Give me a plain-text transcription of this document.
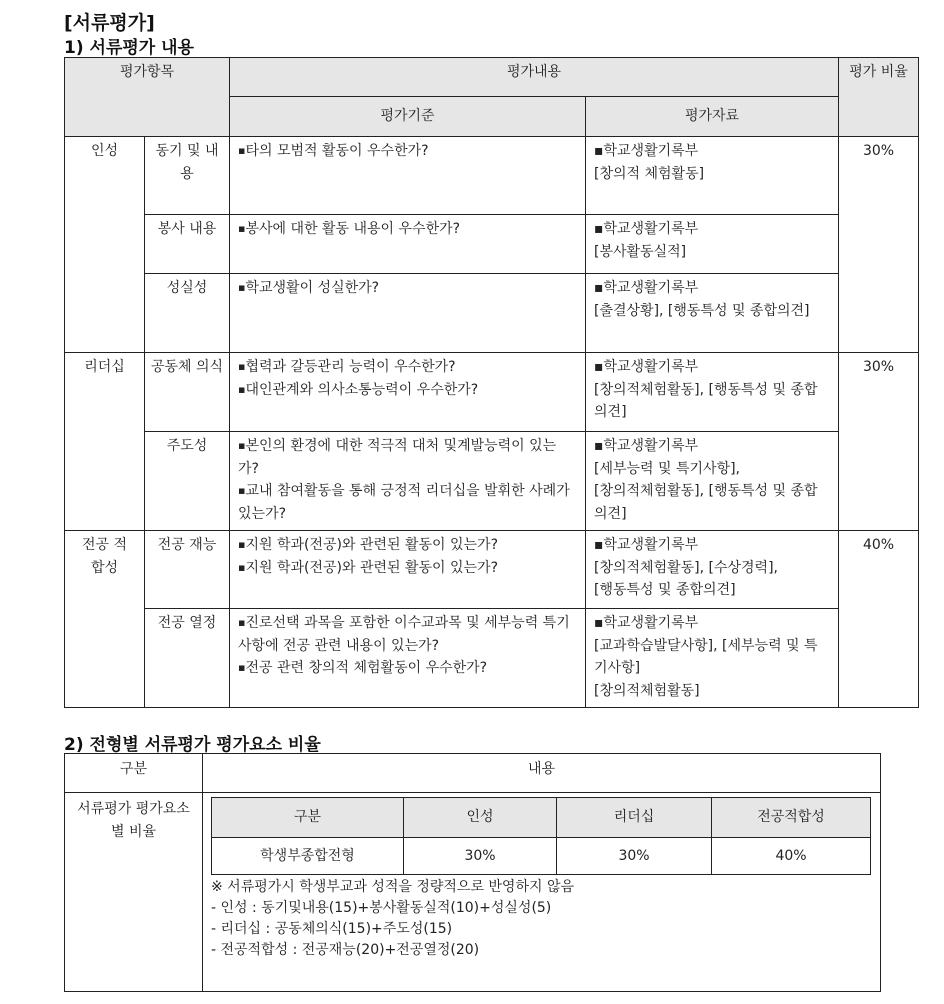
[서류평가]
1) 서류평가 내용
평가항목		평가내용		평가 비율
		평가기준	평가자료	
인성	동기 및 내용	▪ 타의 모범적 활동이 우수한가?	▪학교생활기록부
[창의적 체험활동]	30%
	봉사 내용	▪ 봉사에 대한 활동 내용이 우수한가?	▪학교생활기록부
[봉사활동실적]	

	성실성	▪ 학교생활이 성실한가?	▪학교생활기록부
[출결상황], [행동특성 및 종합의견]	

리더십	공동체 의식	▪ 협력과 갈등관리 능력이 우수한가?
▪ 대인관계와 의사소통능력이 우수한가?	▪학교생활기록부
[창의적체험활동], [행동특성 및 종합의견]	30%
	주도성	▪ 본인의 환경에 대한 적극적 대처 및계발능력이 있는가?
▪ 교내 참여활동을 통해 긍정적 리더십을 발휘한 사례가 있는가?	▪학교생활기록부
[세부능력 및 특기사항],
[창의적체험활동], [행동특성 및 종합의견]	

전공 적합성	전공 재능	▪ 지원 학과(전공)와 관련된 활동이 있는가?
▪ 지원 학과(전공)와 관련된 활동이 있는가?	▪학교생활기록부
[창의적체험활동], [수상경력],
[행동특성 및 종합의견]	40%
	전공 열정	▪ 진로선택 과목을 포함한 이수교과목 및 세부능력 특기사항에 전공 관련 내용이 있는가?
▪ 전공 관련 창의적 체험활동이 우수한가?	▪학교생활기록부
[교과학습발달사항], [세부능력 및 특기사항]
[창의적체험활동]	
2) 전형별 서류평가 평가요소 비율
구분	내용
서류평가 평가요소별 비율	
구분	인성	리더십	전공적합성
학생부종합전형	30%	30%	40%
※ 서류평가시 학생부교과 성적을 정량적으로 반영하지 않음
- 인성 : 동기및내용(15)+봉사활동실적(10)+성실성(5)
- 리더십 : 공동체의식(15)+주도성(15)
- 전공적합성 : 전공재능(20)+전공열정(20)
